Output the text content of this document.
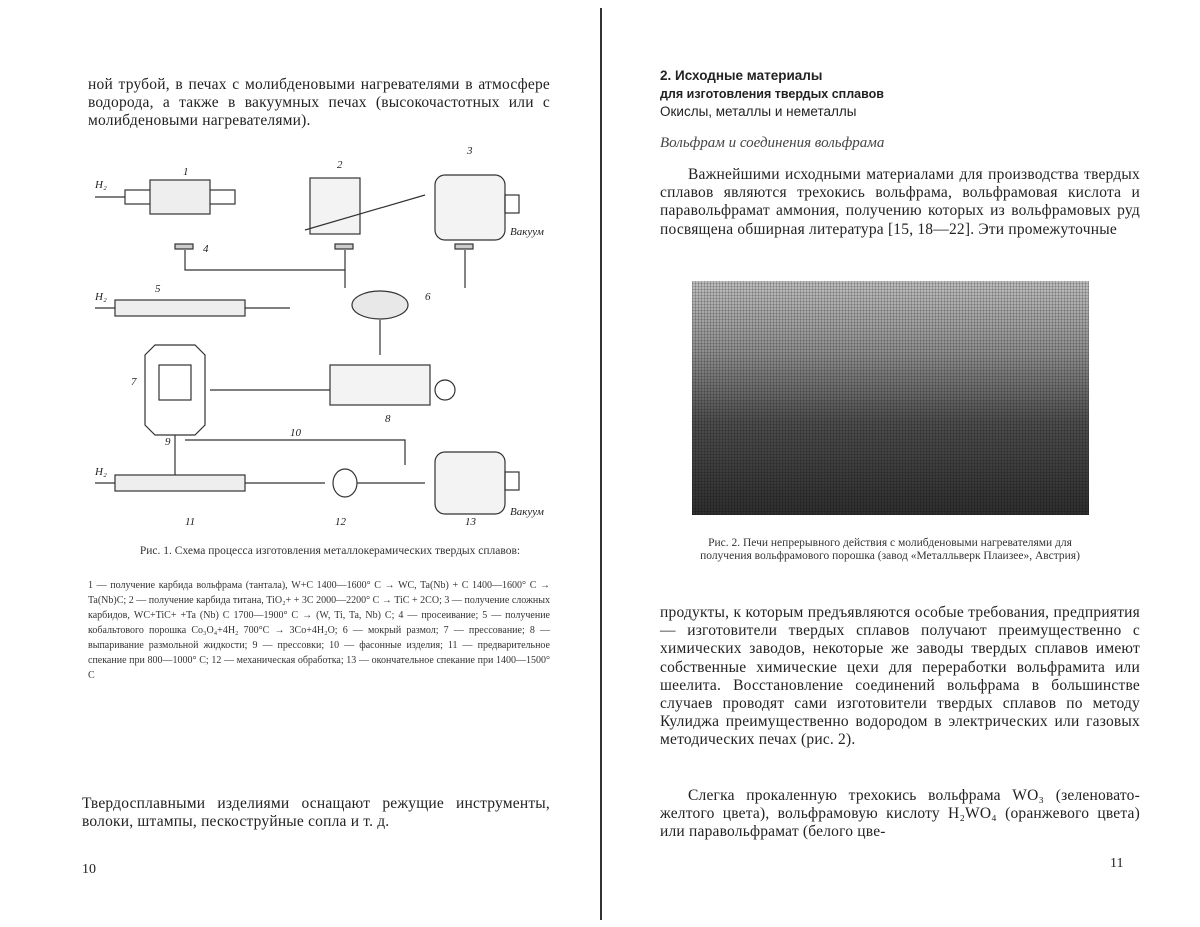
ной трубой, в печах с молибденовыми нагревателями в атмосфере водорода, а также в вакуумных печах (высокочастотных или с молибденовыми нагревателями).
H₂
H₂
H₂
Вакуум
Вакуум
1
2
3
4
5
6
7
8
9
10
11	12	13
Рис. 1. Схема процесса изготовления металлокерамических твердых сплавов:
1 — получение карбида вольфрама (тантала), W+C 1400—1600° C → WC, Ta(Nb) + C 1400—1600° C → Ta(Nb)C; 2 — получение карбида титана, TiO₂+ + 3C 2000—2200° C → TiC + 2CO; 3 — получение сложных карбидов, WC+TiC+ +Ta (Nb) C 1700—1900° C → (W, Ti, Ta, Nb) C; 4 — просеивание; 5 — получение кобальтового порошка Co₃O₄+4H₂ 700°C → 3Co+4H₂O; 6 — мокрый размол; 7 — прессование; 8 — выпаривание размольной жидкости; 9 — прессовки; 10 — фасонные изделия; 11 — предварительное спекание при 800—1000° C; 12 — механическая обработка; 13 — окончательное спекание при 1400—1500° C
Твердосплавными изделиями оснащают режущие инструменты, волоки, штампы, пескоструйные сопла и т. д.
10
2. Исходные материалы
для изготовления твердых сплавов
Окислы, металлы и неметаллы
Вольфрам и соединения вольфрама
Важнейшими исходными материалами для производства твердых сплавов являются трехокись вольфрама, вольфрамовая кислота и паравольфрамат аммония, получению которых из вольфрамовых руд посвящена обширная литература [15, 18—22]. Эти промежуточные
Рис. 2. Печи непрерывного действия с молибденовыми нагревателями для получения вольфрамового порошка (завод «Металльверк Плаизее», Австрия)
продукты, к которым предъявляются особые требования, предприятия — изготовители твердых сплавов получают преимущественно с химических заводов, некоторые же заводы твердых сплавов имеют собственные химические цехи для переработки вольфрамита или шеелита. Восстановление соединений вольфрама в большинстве случаев проводят сами изготовители твердых сплавов по методу Кулиджа преимущественно водородом в электрических или газовых методических печах (рис. 2).
Слегка прокаленную трехокись вольфрама WO₃ (зеленовато-желтого цвета), вольфрамовую кислоту H₂WO₄ (оранжевого цвета) или паравольфрамат (белого цве-
11
